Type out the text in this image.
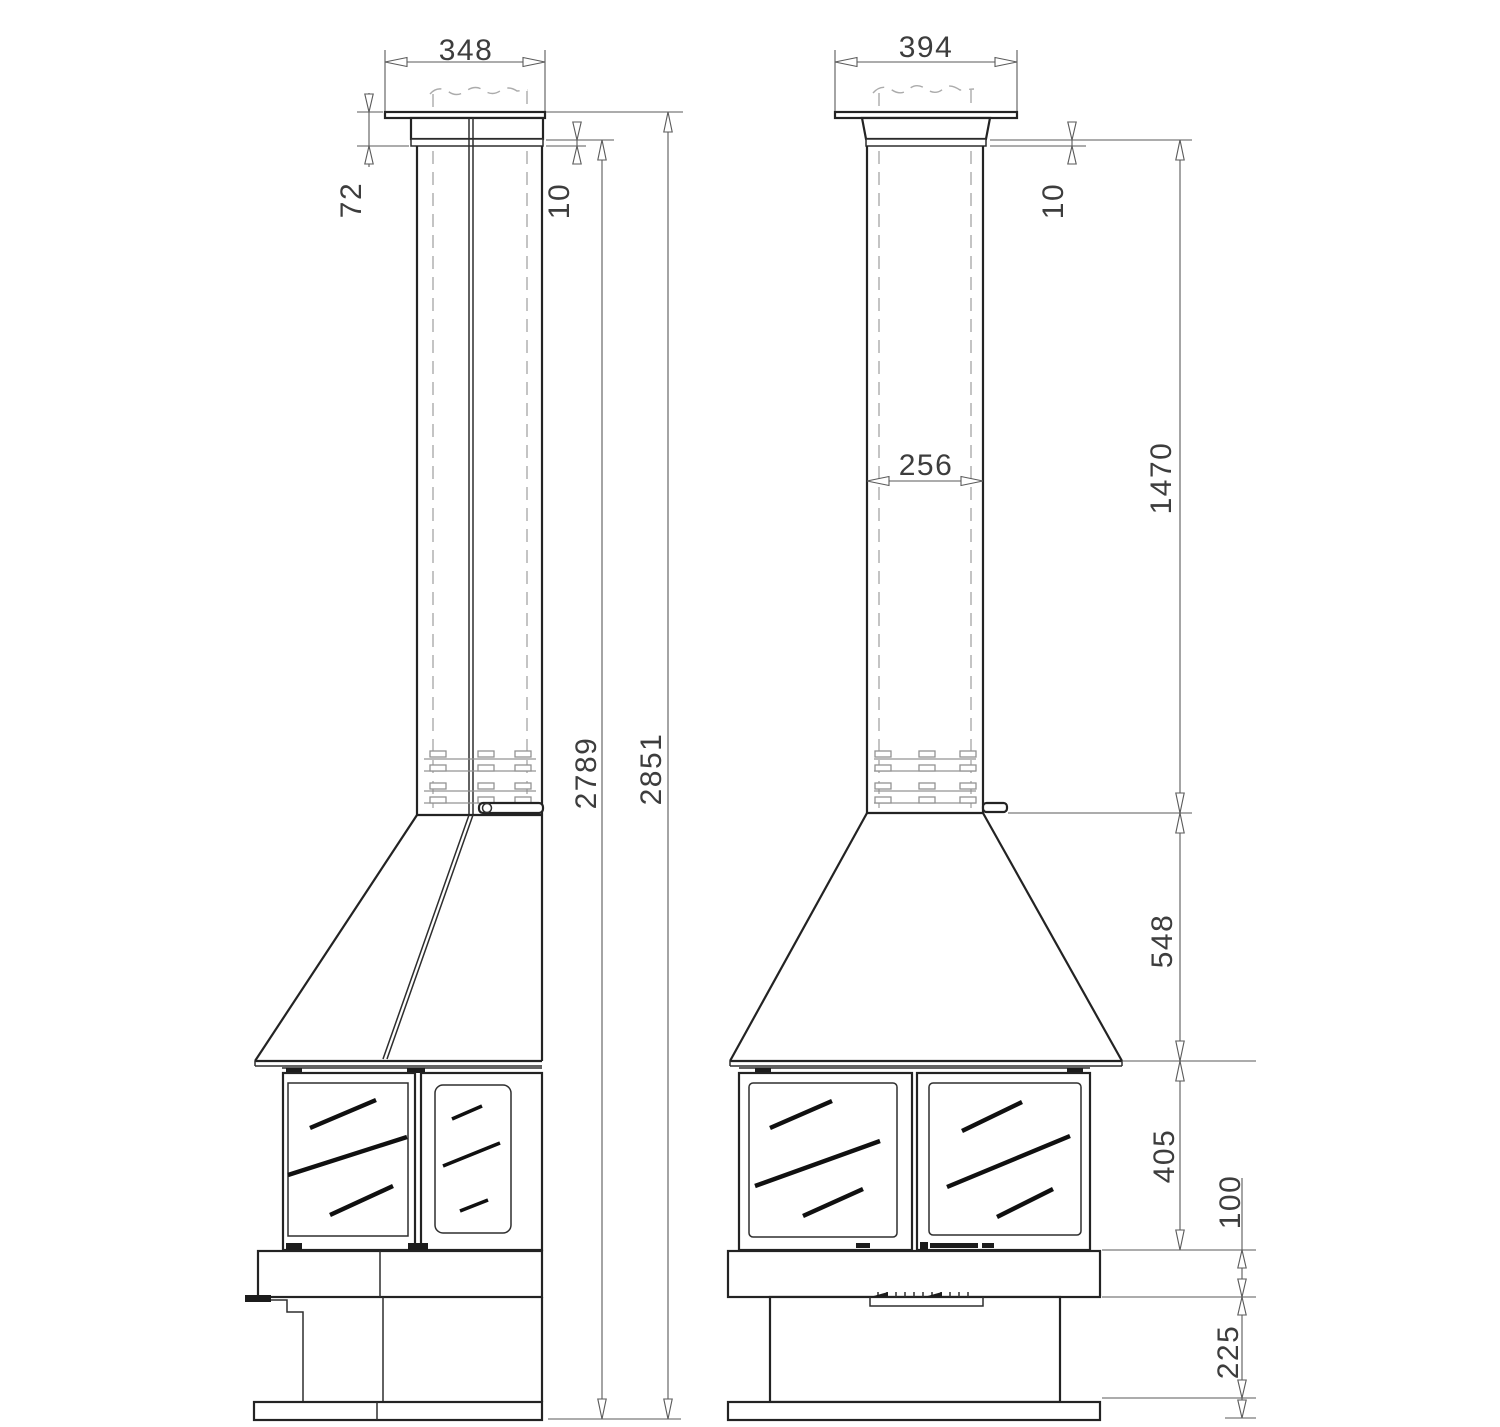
348
72	10
2789 2851
394
10
256	1470
548
405
100
225
